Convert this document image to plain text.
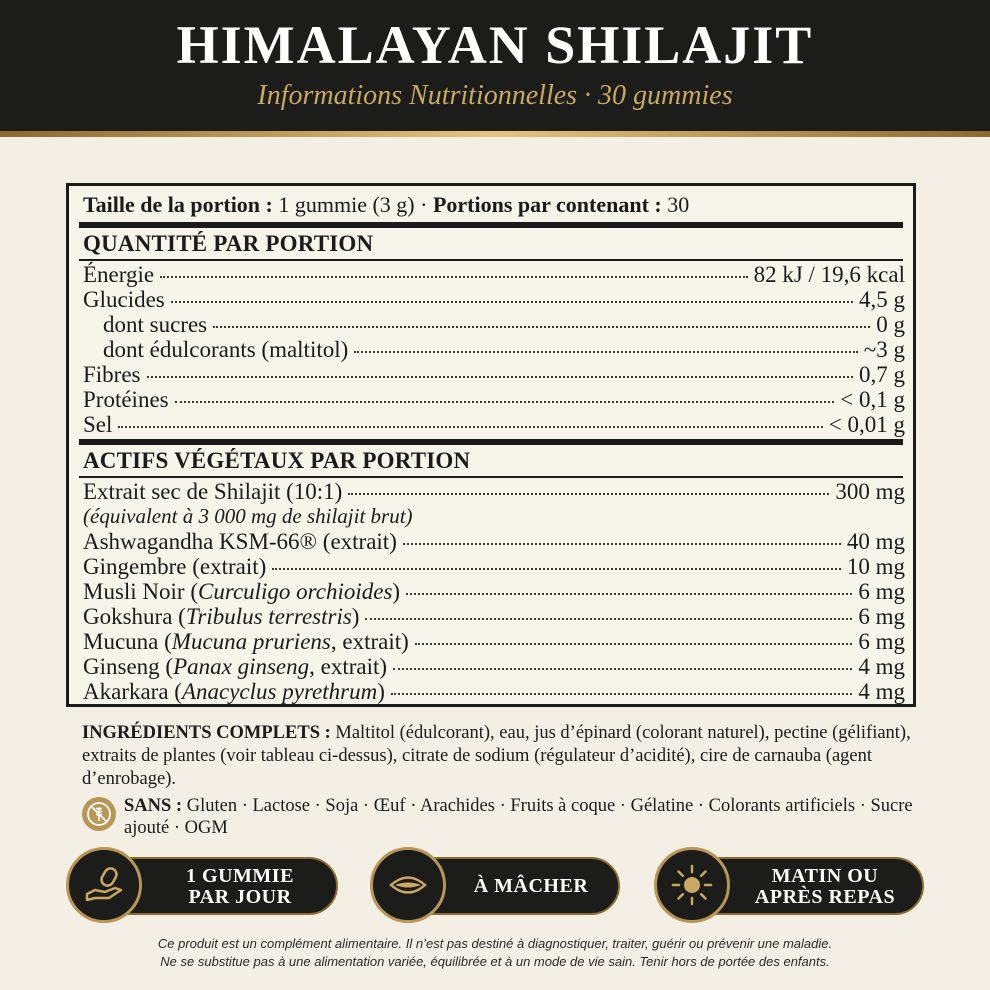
HIMALAYAN SHILAJIT
Informations Nutritionnelles · 30 gummies
Taille de la portion : 1 gummie (3 g) · Portions par contenant : 30
QUANTITÉ PAR PORTION
Énergie	82 kJ / 19,6 kcal
Glucides	4,5 g
dont sucres	0 g
dont édulcorants (maltitol)	~3 g
Fibres	0,7 g
Protéines	< 0,1 g
Sel	< 0,01 g
ACTIFS VÉGÉTAUX PAR PORTION
Extrait sec de Shilajit (10:1)	300 mg
(équivalent à 3 000 mg de shilajit brut)
Ashwagandha KSM-66® (extrait)	40 mg
Gingembre (extrait)	10 mg
Musli Noir (Curculigo orchioides)	6 mg
Gokshura (Tribulus terrestris)	6 mg
Mucuna (Mucuna pruriens, extrait)	6 mg
Ginseng (Panax ginseng, extrait)	4 mg
Akarkara (Anacyclus pyrethrum)	4 mg
INGRÉDIENTS COMPLETS : Maltitol (édulcorant), eau, jus d’épinard (colorant naturel), pectine (gélifiant), extraits de plantes (voir tableau ci-dessus), citrate de sodium (régulateur d’acidité), cire de carnauba (agent d’enrobage).
SANS : Gluten · Lactose · Soja · Œuf · Arachides · Fruits à coque · Gélatine · Colorants artificiels · Sucre ajouté · OGM
1 GUMMIE
PAR JOUR	À MÂCHER	MATIN OU
APRÈS REPAS
Ce produit est un complément alimentaire. Il n’est pas destiné à diagnostiquer, traiter, guérir ou prévenir une maladie.
Ne se substitue pas à une alimentation variée, équilibrée et à un mode de vie sain. Tenir hors de portée des enfants.
